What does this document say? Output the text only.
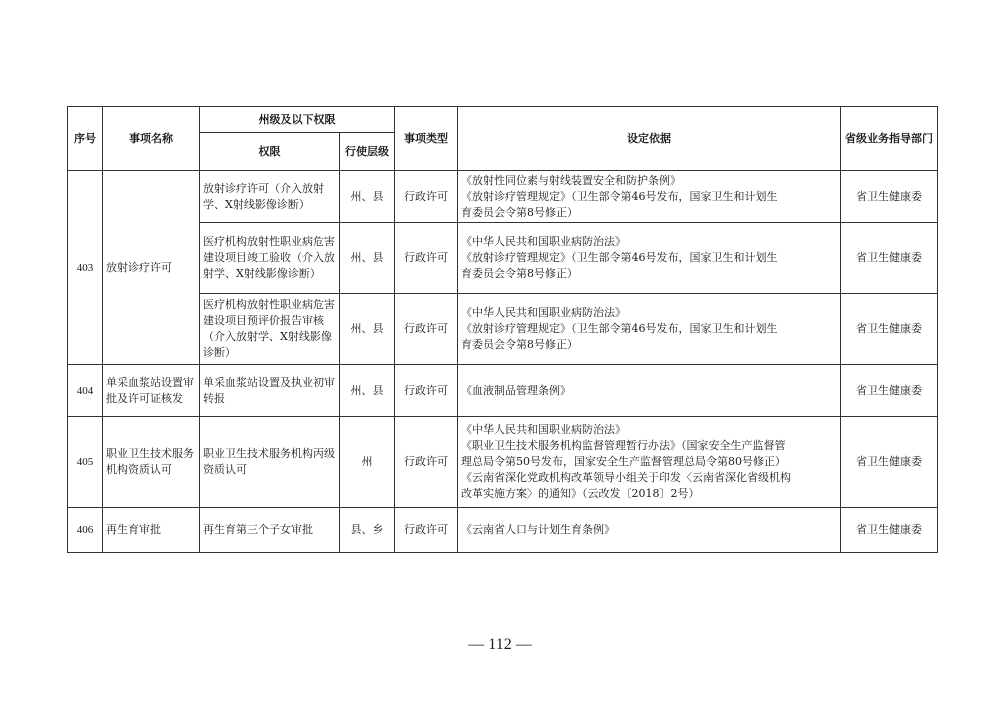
序号	事项名称	州级及以下权限		事项类型	设定依据	省级业务指导部门
		权限	行使层级			
403	放射诊疗许可	放射诊疗许可（介入放射学、X射线影像诊断）	州、县	行政许可	《放射性同位素与射线装置安全和防护条例》
《放射诊疗管理规定》（卫生部令第46号发布，国家卫生和计划生
育委员会令第8号修正）	省卫生健康委
		医疗机构放射性职业病危害建设项目竣工验收（介入放射学、X射线影像诊断）	州、县	行政许可	《中华人民共和国职业病防治法》
《放射诊疗管理规定》（卫生部令第46号发布，国家卫生和计划生
育委员会令第8号修正）	省卫生健康委
		医疗机构放射性职业病危害建设项目预评价报告审核（介入放射学、X射线影像诊断）	州、县	行政许可	《中华人民共和国职业病防治法》
《放射诊疗管理规定》（卫生部令第46号发布，国家卫生和计划生
育委员会令第8号修正）	省卫生健康委
404	单采血浆站设置审批及许可证核发	单采血浆站设置及执业初审转报	州、县	行政许可	《血液制品管理条例》	省卫生健康委
405	职业卫生技术服务机构资质认可	职业卫生技术服务机构丙级资质认可	州	行政许可	《中华人民共和国职业病防治法》
《职业卫生技术服务机构监督管理暂行办法》（国家安全生产监督管
理总局令第50号发布，国家安全生产监督管理总局令第80号修正）
《云南省深化党政机构改革领导小组关于印发〈云南省深化省级机构
改革实施方案〉的通知》（云改发〔2018〕2号）	省卫生健康委
406	再生育审批	再生育第三个子女审批	县、乡	行政许可	《云南省人口与计划生育条例》	省卫生健康委
— 112 —
